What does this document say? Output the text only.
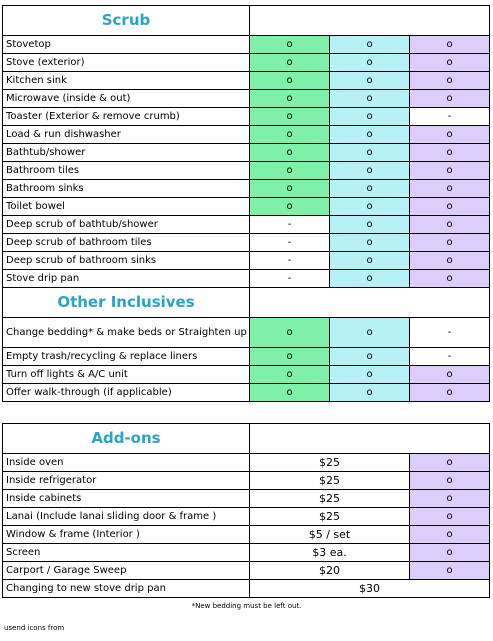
Scrub			
Stovetop	o	o	o
Stove (exterior)	o	o	o
Kitchen sink	o	o	o
Microwave (inside & out)	o	o	o
Toaster (Exterior & remove crumb)	o	o	-
Load & run dishwasher	o	o	o
Bathtub/shower	o	o	o
Bathroom tiles	o	o	o
Bathroom sinks	o	o	o
Toilet bowel	o	o	o
Deep scrub of bathtub/shower	-	o	o
Deep scrub of bathroom tiles	-	o	o
Deep scrub of bathroom sinks	-	o	o
Stove drip pan	-	o	o
Other Inclusives			
Change bedding* & make beds or Straighten up	o	o	-
Empty trash/recycling & replace liners	o	o	-
Turn off lights & A/C unit	o	o	o
Offer walk-through (if applicable)	o	o	o
Add-ons		
Inside oven	$25	o
Inside refrigerator	$25	o
Inside cabinets	$25	o
Lanai (Include lanai sliding door & frame )	$25	o
Window & frame (Interior )	$5 / set	o
Screen	$3 ea.	o
Carport / Garage Sweep	$20	o
Changing to new stove drip pan	$30	
*New bedding must be left out.
usend icons from
